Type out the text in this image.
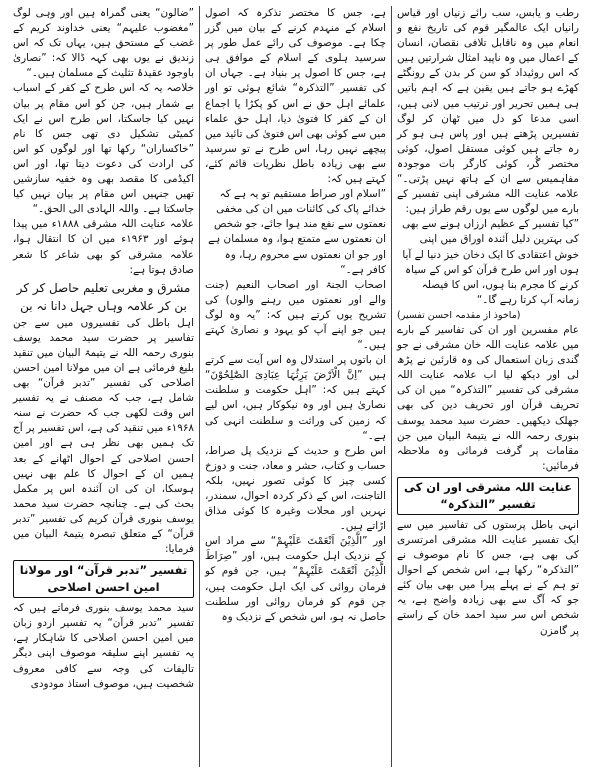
رطب و یابس، سب رائے زنیاں اور قیاس رانیاں ایک عالمگیر قوم کی تاریخ نفع و انعام میں وہ ناقابل تلافی نقصان، انسان کے اعمال میں وہ ناپید امثال شرارتیں ہیں کہ اس روئیداد کو سن کر بدن کے رونگٹے کھڑے ہو جاتے ہیں یقین ہے کہ اہم باتیں ہی ہمیں تحریر اور ترتیب میں لانی ہیں، اسی مدعا کو دل میں ٹھان کر لوگ تفسیریں پڑھتے ہیں اور پاس ہی ہو کر رہ جاتے ہیں کوئی مستقل اصول، کوئی مختصر گُر، کوئی کارگر بات موجودہ مفاہمیس سے ان کے ہاتھ نہیں پڑتی۔“ علامہ عنایت اللہ مشرقی اپنی تفسیر کے بارے میں لوگوں سے یوں رقم طراز ہیں:

”کیا تفسیر کے عظیم ارزاں ہونے سے بھی کی بہترین دلیل آئندہ اوراق میں اپنی خوش اعتقادی کا ایک دخان خیز دنیا لے آیا ہوں اور اس طرح قرآن کو اس کے سیاہ کرنے کا مجرم بنا ہوں، اس کا فیصلہ زمانہ آپ کرتا رہے گا۔“

(ماخوذ از مقدمہ احسن تفسیر)

عام مفسرین اور ان کی تفاسیر کے بارے میں علامہ عنایت اللہ خان مشرقی نے جو گندی زبان استعمال کی وہ قارئین نے پڑھ لی اور دیکھ لیا اب علامہ عنایت اللہ مشرقی کی تفسیر ”التذکرہ“ میں ان کی تحریف قرآن اور تحریف دین کی بھی جھلک دیکھیں۔ حضرت سید محمد یوسف بنوری رحمہ اللہ نے یتیمۃ البیان میں جن مقامات پر گرفت فرمائی وہ ملاحظہ فرمائیں:

عنایت اللہ مشرقی اور ان کی تفسیر ”التذکرہ“

انہی باطل پرستوں کی تفاسیر میں سے ایک تفسیر عنایت اللہ مشرقی امرتسری کی بھی ہے، جس کا نام موصوف نے ”التذکرہ“ رکھا ہے، اس شخص کے احوال تو ہم کے نے پہلے پیرا میں بھی بیان کئے جو کہ آگ سے بھی زیادہ واضح ہے، یہ شخص اس سر سید احمد خان کے راستے پر گامزن

ہے، جس کا مختصر تذکرہ کہ اصول اسلام کے منہدم کرنے کے بیان میں گزر چکا ہے۔ موصوف کی رائے عمل طور پر سرسید ہلوی کے اسلام کے موافق ہی ہے، جس کا اصول پر بنیاد ہے۔ جہاں ان کی تفسیر ”التذکرہ“ شائع ہوئی تو اور علمائے اہل حق نے اس کو پکڑا یا اجماع ان کے کفر کا فتویٰ دیا، اہل حق علماء میں سے کوئی بھی اس فتویٰ کی تائید میں پیچھے نہیں رہا، اس طرح نے تو سرسید سے بھی زیادہ باطل نظریات قائم کئے، کہتے ہیں کہ:

”اسلام اور صراط مستقیم تو یہ ہے کہ خدائے پاک کی کائنات میں ان کی مخفی نعمتوں سے نفع مند ہوا جائے، جو شخص ان نعمتوں سے متمتع ہوا، وہ مسلمان ہے اور جو ان نعمتوں سے محروم رہا، وہ کافر ہے۔“

اصحاب الجنۃ اور اصحاب النعیم (جنت والے اور نعمتوں میں رہنے والوں) کی تشریح یوں کرتے ہیں کہ: ”یہ وہ لوگ ہیں جو اپنے آپ کو یہود و نصاریٰ کہتے ہیں۔“

ان باتوں پر استدلال وہ اس آیت سے کرتے ہیں ”اِنَّ الْاَرْضَ یَرِثُہَا عِبَادِیَ الصّٰلِحُوْنَ“ کہتے ہیں کہ: ”اہل حکومت و سلطنت نصاریٰ ہیں اور وہ نیکوکار ہیں، اس لیے کہ زمین کی وراثت و سلطنت انہی کی ہے۔“

اس طرح و حدیث کے نزدیک پل صراط، حساب و کتاب، حشر و معاد، جنت و دوزخ کسی چیز کا کوئی تصور نہیں، بلکہ التاجنت، اس کے ذکر کردہ احوال، سمندر، نہریں اور محلات وغیرہ کا کوئی مذاق اڑاتے ہیں۔

اور ”الَّذِیْنَ اَنْعَمْتَ عَلَیْہِمْ“ سے مراد اس کے نزدیک اہل حکومت ہیں، اور ”صِرَاطَ الَّذِیْنَ اَنْعَمْتَ عَلَیْہِمْ“ ہیں، جن قوم کو فرمان روائی کی ایک اہل حکومت ہیں، جن قوم کو فرمان روائی اور سلطنت حاصل نہ ہو، اس شخص کے نزدیک وہ

”ضالون“ یعنی گمراہ ہیں اور وہی لوگ ”مغضوب علیہم“ یعنی خداوند کریم کے غضب کے مستحق ہیں، یہاں تک کہ اس زندیق نے یوں بھی کہہ ڈالا کہ: ”نصاریٰ باوجود عقیدۂ تثلیث کے مسلمان ہیں۔“

خلاصہ یہ کہ اس طرح کے کفر کے اسباب بے شمار ہیں، جن کو اس مقام پر بیان نہیں کیا جاسکتا، اس طرح اس نے ایک کمیٹی تشکیل دی تھی جس کا نام ”خاکساران“ رکھا تھا اور لوگوں کو اس کی ارادت کی دعوت دیتا تھا، اور اس اکیڈمی کا مقصد بھی وہ خفیہ سازشیں تھیں جنہیں اس مقام پر بیان نہیں کیا جاسکتا ہے۔ واللہ الہادی الی الحق۔“

علامہ عنایت اللہ مشرقی ۱۸۸۸ء میں پیدا ہوئے اور ۱۹۶۳ء میں ان کا انتقال ہوا، علامہ مشرقی کو بھی شاعر کا شعر صادق ہوتا ہے:

مشرق و مغربی تعلیم حاصل کر کر
بن کر علامہ وہاں جہل دانا نہ بن

اہل باطل کی تفسیروں میں سے جن تفاسیر پر حضرت سید محمد یوسف بنوری رحمہ اللہ نے یتیمۃ البیان میں تنقید بلیغ فرمائی ہے ان میں مولانا امین احسن اصلاحی کی تفسیر ”تدبر قرآن“ بھی شامل ہے، جب کہ مصنف نے یہ تفسیر اس وقت لکھی جب کہ حضرت نے سنہ ۱۹۶۸ء میں تنقید کی ہے، اس تفسیر پر آج تک ہمیں بھی نظر ہی ہے اور امین احسن اصلاحی کے احوال اٹھانے کے بعد ہمیں ان کے احوال کا علم بھی نہیں ہوسکا، ان کی ان آئندہ اس پر مکمل بحث کی ہے۔ چنانچہ حضرت سید محمد یوسف بنوری قرآن کریم کی تفسیر ”تدبر قرآن“ کے متعلق تبصرہ یتیمۃ البیان میں فرمایا:

تفسیر ”تدبر قرآن“ اور مولانا امین احسن اصلاحی

سید محمد یوسف بنوری فرماتے ہیں کہ تفسیر ”تدبر قرآن“ یہ تفسیر اردو زبان میں امین احسن اصلاحی کا شاہکار ہے، یہ تفسیر اپنے سلیقہ موصوف اپنی دیگر تالیفات کی وجہ سے کافی معروف شخصیت ہیں، موصوف استاذ مودودی
